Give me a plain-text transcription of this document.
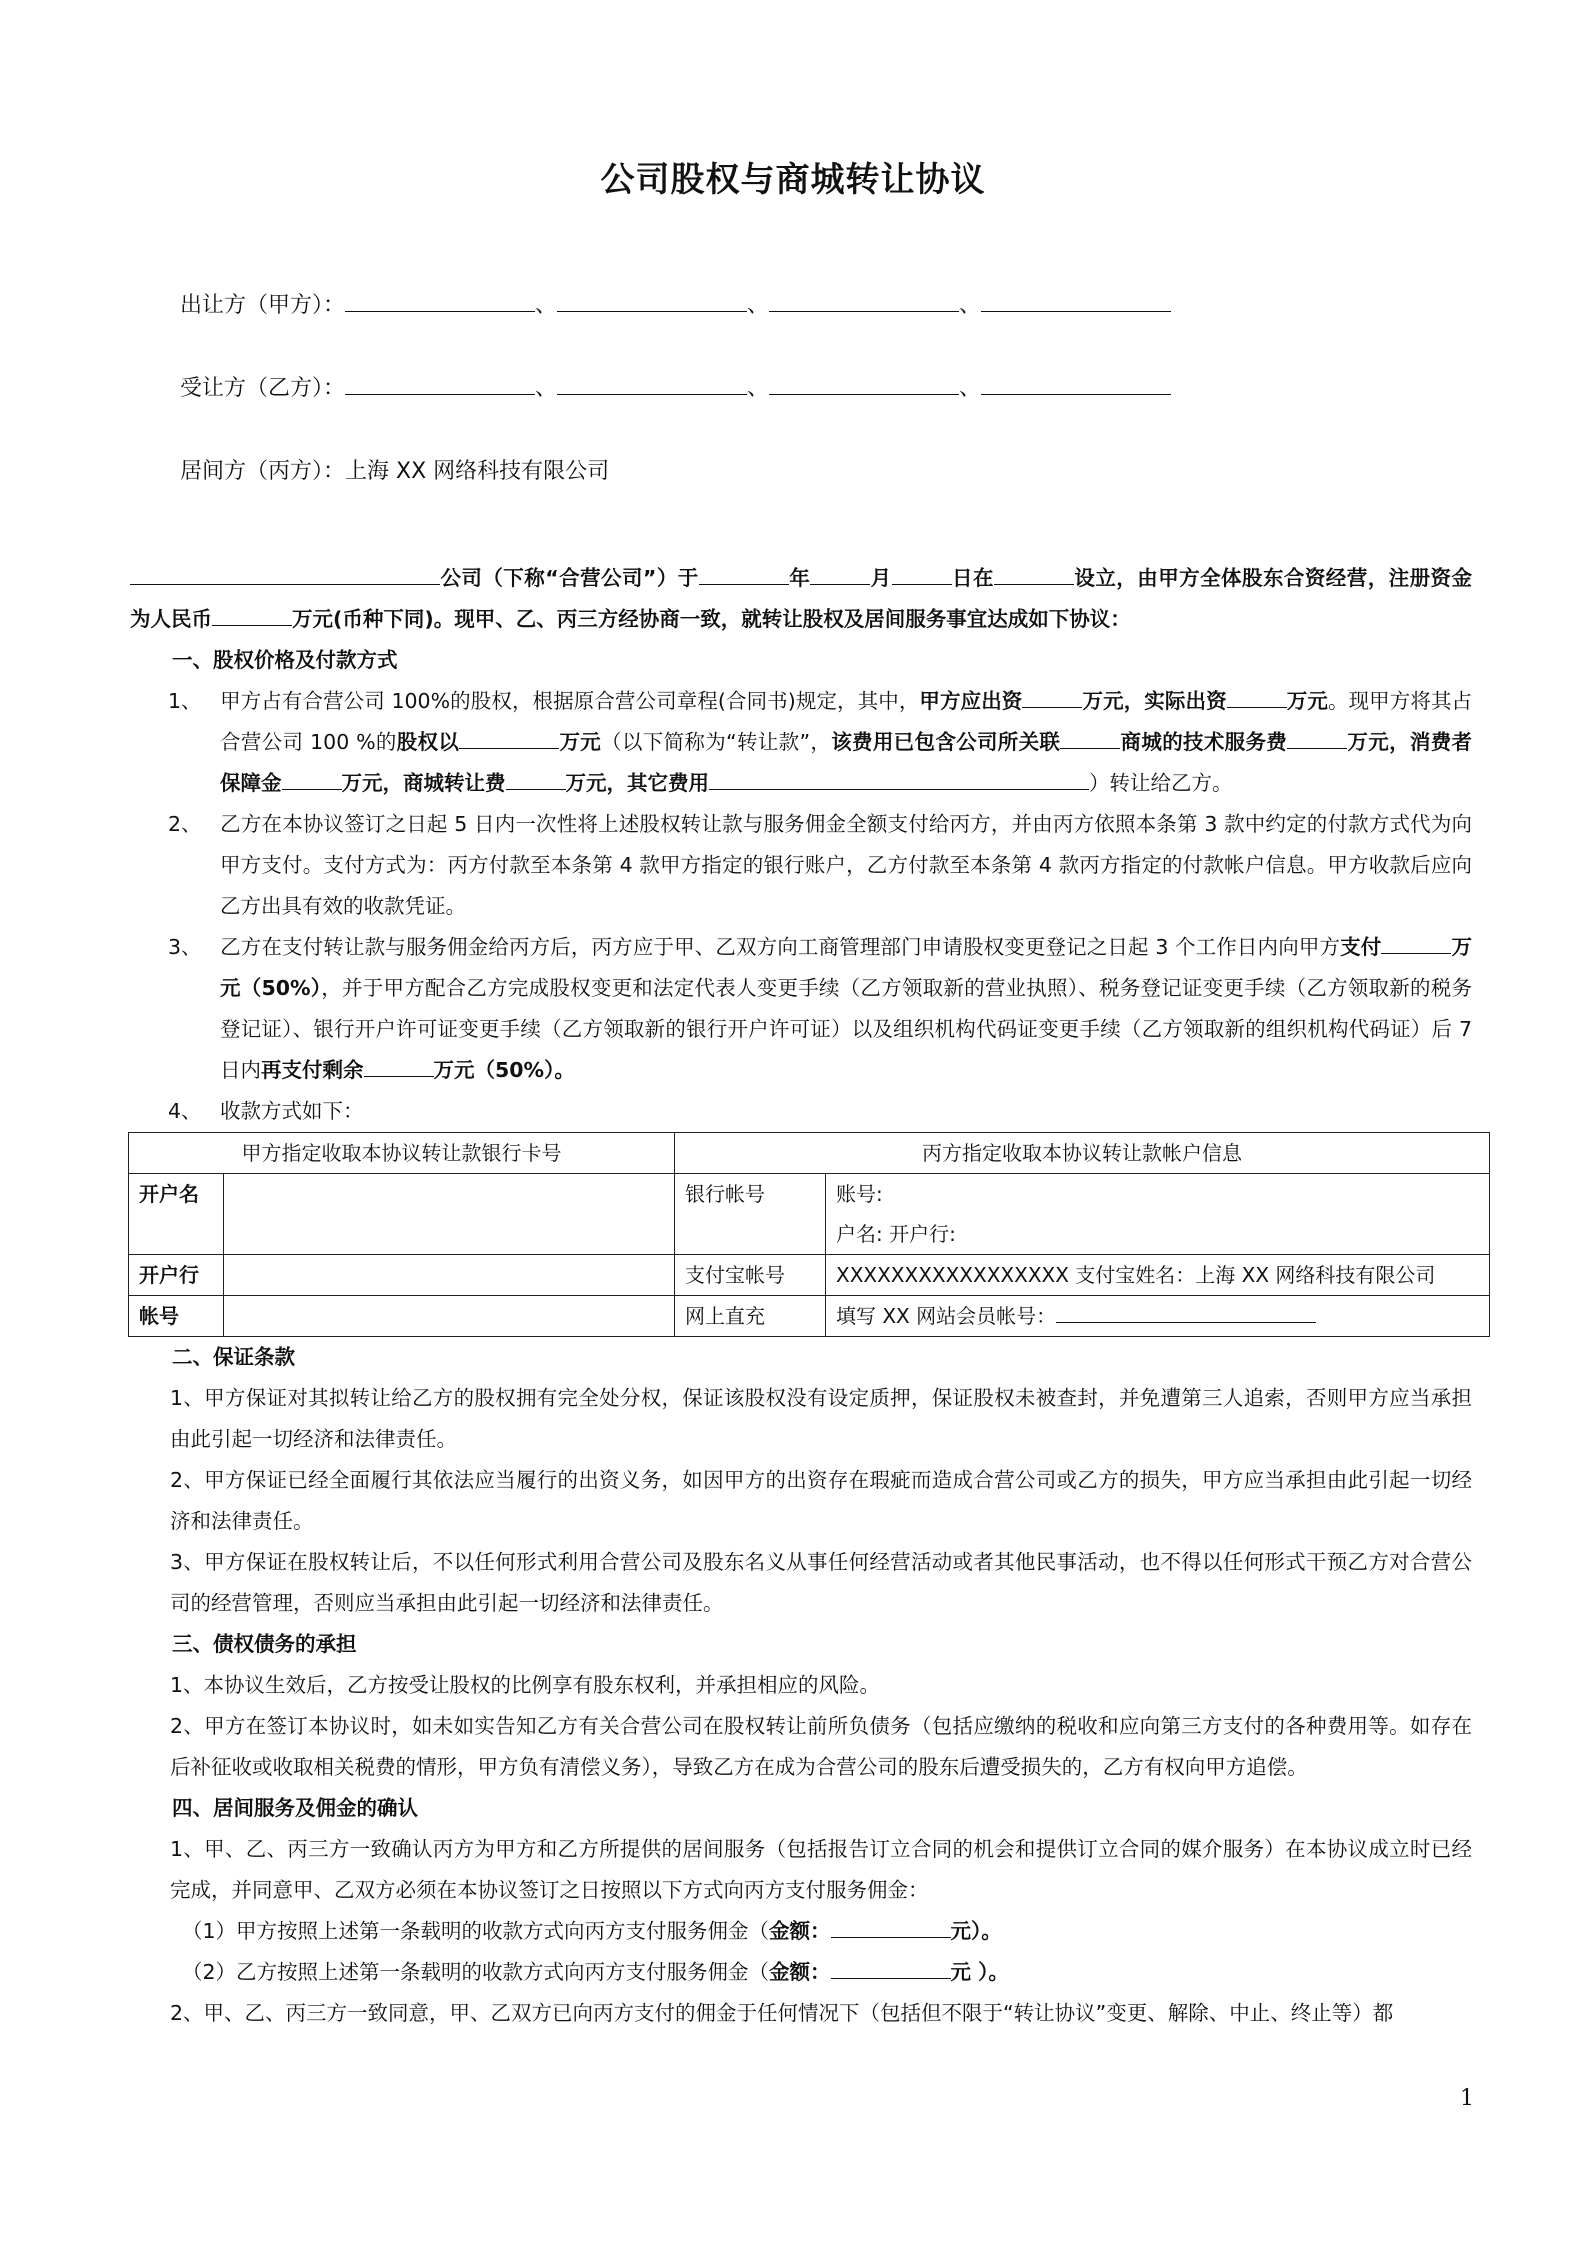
公司股权与商城转让协议
出让方（甲方）：	、	、	、
受让方（乙方）：	、	、	、
居间方（丙方）：上海 XX 网络科技有限公司

公司（下称“合营公司”）于	年	月	日在	设立，由甲方全体股东合资经营，注册资金为人民币	万元(币种下同)。现甲、乙、丙三方经协商一致，就转让股权及居间服务事宜达成如下协议：

一、股权价格及付款方式

1、 甲方占有合营公司 100%的股权，根据原合营公司章程(合同书)规定，其中，甲方应出资	万元，实际出资	万元。现甲方将其占合营公司 100 %的股权以	万元（以下简称为“转让款”，该费用已包含公司所关联	商城的技术服务费	万元，消费者保障金	万元，商城转让费	万元，其它费用	）转让给乙方。

2、 乙方在本协议签订之日起 5 日内一次性将上述股权转让款与服务佣金全额支付给丙方，并由丙方依照本条第 3 款中约定的付款方式代为向甲方支付。支付方式为：丙方付款至本条第 4 款甲方指定的银行账户，乙方付款至本条第 4 款丙方指定的付款帐户信息。甲方收款后应向乙方出具有效的收款凭证。

3、 乙方在支付转让款与服务佣金给丙方后，丙方应于甲、乙双方向工商管理部门申请股权变更登记之日起 3 个工作日内向甲方支付	万元（50%），并于甲方配合乙方完成股权变更和法定代表人变更手续（乙方领取新的营业执照）、税务登记证变更手续（乙方领取新的税务登记证）、银行开户许可证变更手续（乙方领取新的银行开户许可证）以及组织机构代码证变更手续（乙方领取新的组织机构代码证）后 7 日内再支付剩余	万元（50%）。

4、 收款方式如下：

甲方指定收取本协议转让款银行卡号		丙方指定收取本协议转让款帐户信息	
开户名		银行帐号	账号:
户名: 开户行:

开户行		支付宝帐号	XXXXXXXXXXXXXXXXX 支付宝姓名：上海 XX 网络科技有限公司
帐号		网上直充	填写 XX 网站会员帐号：

二、保证条款

1、甲方保证对其拟转让给乙方的股权拥有完全处分权，保证该股权没有设定质押，保证股权未被查封，并免遭第三人追索，否则甲方应当承担由此引起一切经济和法律责任。

2、甲方保证已经全面履行其依法应当履行的出资义务，如因甲方的出资存在瑕疵而造成合营公司或乙方的损失，甲方应当承担由此引起一切经济和法律责任。

3、甲方保证在股权转让后，不以任何形式利用合营公司及股东名义从事任何经营活动或者其他民事活动，也不得以任何形式干预乙方对合营公司的经营管理，否则应当承担由此引起一切经济和法律责任。

三、债权债务的承担

1、本协议生效后，乙方按受让股权的比例享有股东权利，并承担相应的风险。

2、甲方在签订本协议时，如未如实告知乙方有关合营公司在股权转让前所负债务（包括应缴纳的税收和应向第三方支付的各种费用等。如存在后补征收或收取相关税费的情形，甲方负有清偿义务），导致乙方在成为合营公司的股东后遭受损失的，乙方有权向甲方追偿。

四、居间服务及佣金的确认

1、甲、乙、丙三方一致确认丙方为甲方和乙方所提供的居间服务（包括报告订立合同的机会和提供订立合同的媒介服务）在本协议成立时已经完成，并同意甲、乙双方必须在本协议签订之日按照以下方式向丙方支付服务佣金：

（1）甲方按照上述第一条载明的收款方式向丙方支付服务佣金（金额：	元）。

（2）乙方按照上述第一条载明的收款方式向丙方支付服务佣金（金额：	元 ）。

2、甲、乙、丙三方一致同意，甲、乙双方已向丙方支付的佣金于任何情况下（包括但不限于“转让协议”变更、解除、中止、终止等）都

1
